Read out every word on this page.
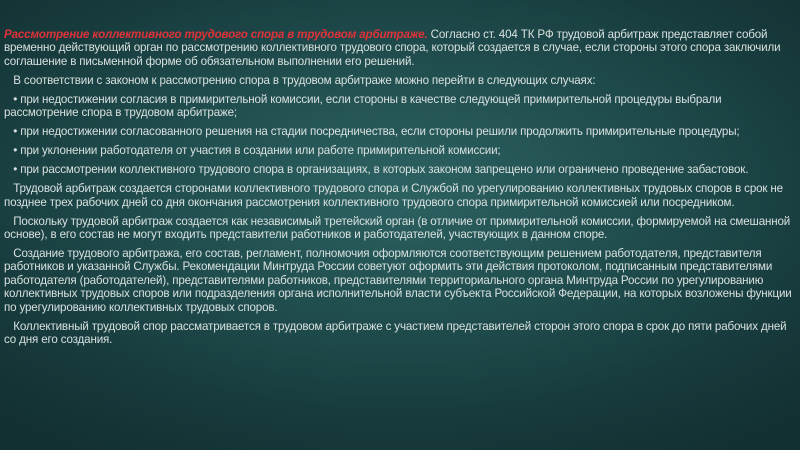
Рассмотрение коллективного трудового спора в трудовом арбитраже. Согласно ст. 404 ТК РФ трудовой арбитраж представляет собой временно действующий орган по рассмотрению коллективного трудового спора, который создается в случае, если стороны этого спора заключили соглашение в письменной форме об обязательном выполнении его решений.

В соответствии с законом к рассмотрению спора в трудовом арбитраже можно перейти в следующих случаях:

• при недостижении согласия в примирительной комиссии, если стороны в качестве следующей примирительной процедуры выбрали рассмотрение спора в трудовом арбитраже;

• при недостижении согласованного решения на стадии посредничества, если стороны решили продолжить примирительные процедуры;

• при уклонении работодателя от участия в создании или работе примирительной комиссии;

• при рассмотрении коллективного трудового спора в организациях, в которых законом запрещено или ограничено проведение забастовок.

Трудовой арбитраж создается сторонами коллективного трудового спора и Службой по урегулированию коллективных трудовых споров в срок не позднее трех рабочих дней со дня окончания рассмотрения коллективного трудового спора примирительной комиссией или посредником.

Поскольку трудовой арбитраж создается как независимый третейский орган (в отличие от примирительной комиссии, формируемой на смешанной основе), в его состав не могут входить представители работников и работодателей, участвующих в данном споре.

Создание трудового арбитража, его состав, регламент, полномочия оформляются соответствующим решением работодателя, представителя работников и указанной Службы. Рекомендации Минтруда России советуют оформить эти действия протоколом, подписанным представителями работодателя (работодателей), представителями работников, представителями территориального органа Минтруда России по урегулированию коллективных трудовых споров или подразделения органа исполнительной власти субъекта Российской Федерации, на которых возложены функции по урегулированию коллективных трудовых споров.

Коллективный трудовой спор рассматривается в трудовом арбитраже с участием представителей сторон этого спора в срок до пяти рабочих дней со дня его создания.
